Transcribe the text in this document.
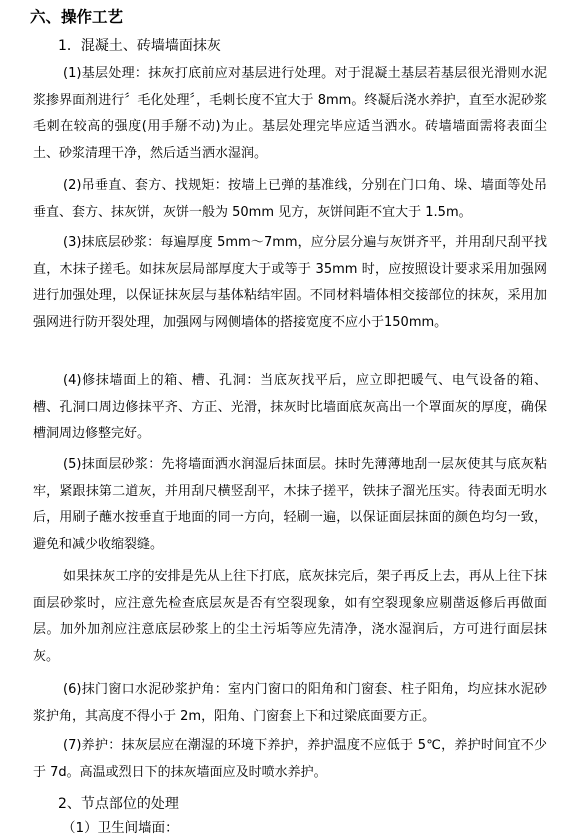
六、操作工艺
1．混凝土、砖墙墙面抹灰

(1)基层处理：抹灰打底前应对基层进行处理。对于混凝土基层若基层很光滑则水泥浆掺界面剂进行〞毛化处理〞，毛刺长度不宜大于 8mm。终凝后浇水养护，直至水泥砂浆毛刺在较高的强度(用手掰不动)为止。基层处理完毕应适当洒水。砖墙墙面需将表面尘土、砂浆清理干净，然后适当洒水湿润。

(2)吊垂直、套方、找规矩：按墙上已弹的基准线，分别在门口角、垛、墙面等处吊垂直、套方、抹灰饼，灰饼一般为 50mm 见方，灰饼间距不宜大于 1.5m。

(3)抹底层砂浆：每遍厚度 5mm～7mm，应分层分遍与灰饼齐平，并用刮尺刮平找直，木抹子搓毛。如抹灰层局部厚度大于或等于 35mm 时，应按照设计要求采用加强网进行加强处理，以保证抹灰层与基体粘结牢固。不同材料墙体相交接部位的抹灰，采用加强网进行防开裂处理，加强网与网侧墙体的搭接宽度不应小于150mm。

(4)修抹墙面上的箱、槽、孔洞：当底灰找平后，应立即把暖气、电气设备的箱、槽、孔洞口周边修抹平齐、方正、光滑，抹灰时比墙面底灰高出一个罩面灰的厚度，确保槽洞周边修整完好。

(5)抹面层砂浆：先将墙面洒水润湿后抹面层。抹时先薄薄地刮一层灰使其与底灰粘牢，紧跟抹第二道灰，并用刮尺横竖刮平，木抹子搓平，铁抹子溜光压实。待表面无明水后，用刷子蘸水按垂直于地面的同一方向，轻刷一遍，以保证面层抹面的颜色均匀一致，避免和减少收缩裂缝。

如果抹灰工序的安排是先从上往下打底，底灰抹完后，架子再反上去，再从上往下抹面层砂浆时，应注意先检查底层灰是否有空裂现象，如有空裂现象应剔凿返修后再做面层。加外加剂应注意底层砂浆上的尘土污垢等应先清净，浇水湿润后，方可进行面层抹灰。

(6)抹门窗口水泥砂浆护角：室内门窗口的阳角和门窗套、柱子阳角，均应抹水泥砂浆护角，其高度不得小于 2m，阳角、门窗套上下和过梁底面要方正。

(7)养护：抹灰层应在潮湿的环境下养护，养护温度不应低于 5℃，养护时间宜不少于 7d。高温或烈日下的抹灰墙面应及时喷水养护。

2、节点部位的处理
（1）卫生间墙面：
